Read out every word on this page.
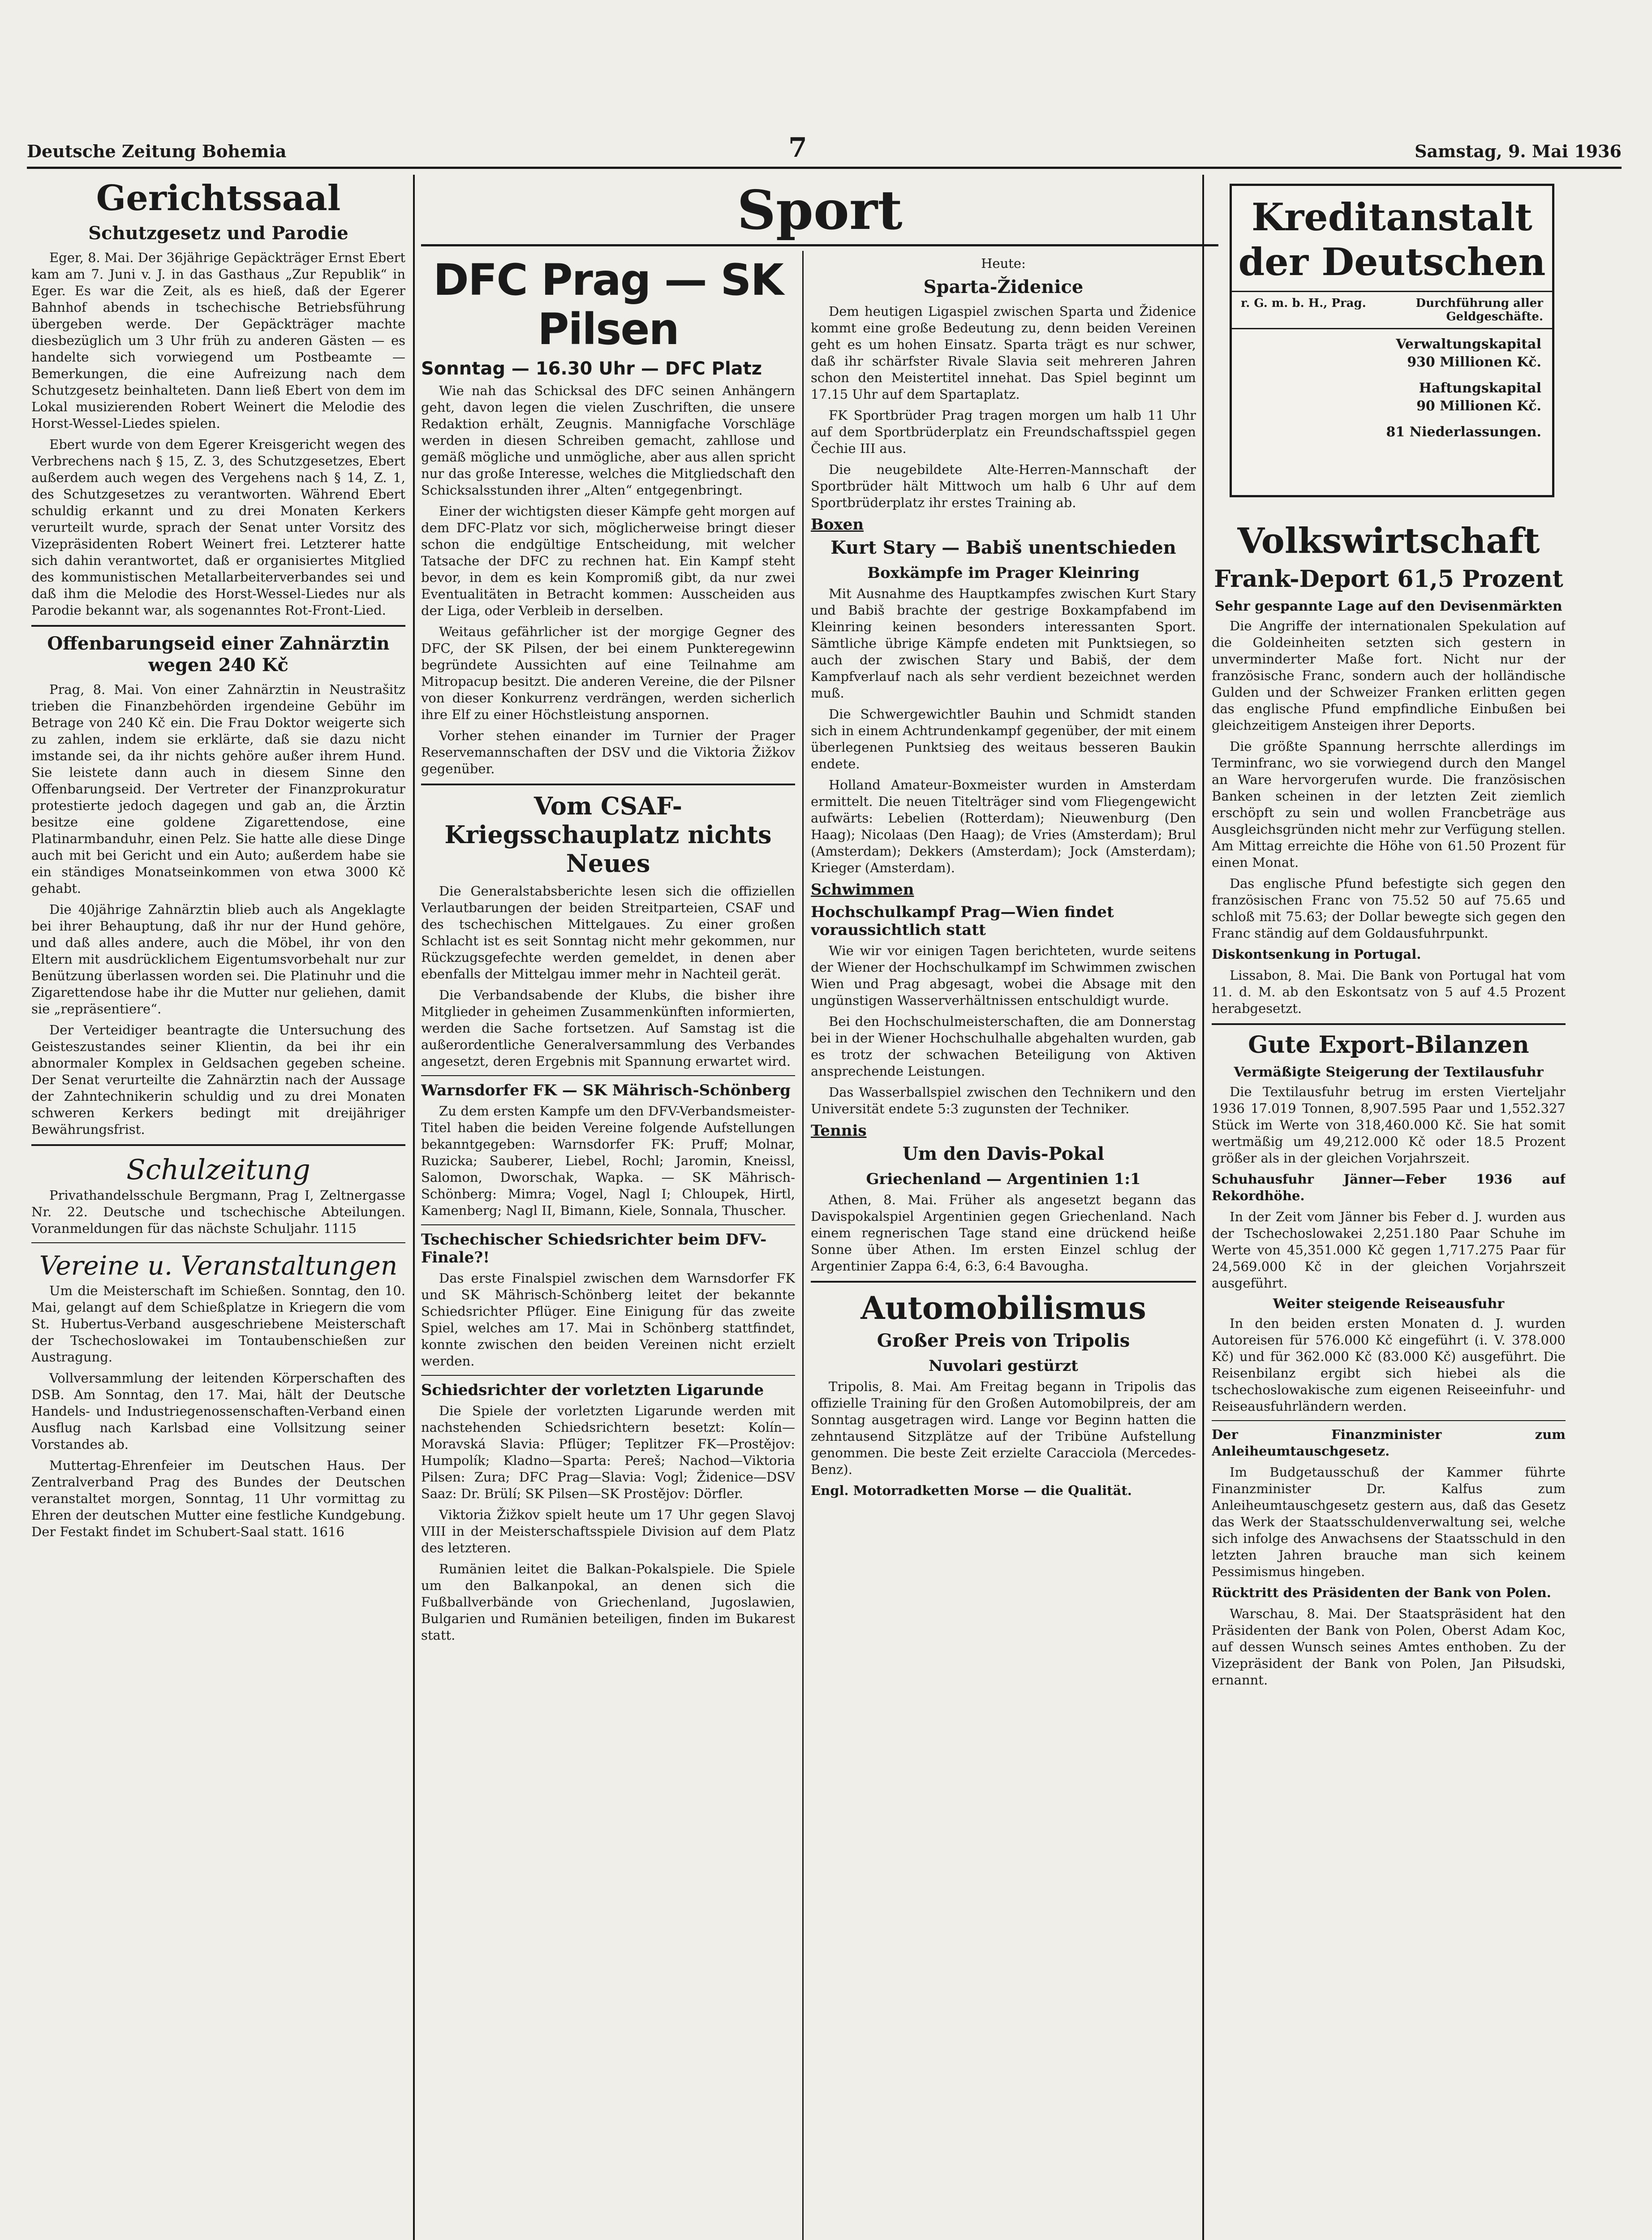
Deutsche Zeitung Bohemia	7	Samstag, 9. Mai 1936
Gerichtssaal
Schutzgesetz und Parodie

Eger, 8. Mai. Der 36jährige Gepäckträger Ernst Ebert kam am 7. Juni v. J. in das Gasthaus „Zur Republik“ in Eger. Es war die Zeit, als es hieß, daß der Egerer Bahnhof abends in tschechische Betriebsführung übergeben werde. Der Gepäckträger machte diesbezüglich um 3 Uhr früh zu anderen Gästen — es handelte sich vorwiegend um Postbeamte — Bemerkungen, die eine Aufreizung nach dem Schutzgesetz beinhalteten. Dann ließ Ebert von dem im Lokal musizierenden Robert Weinert die Melodie des Horst-Wessel-Liedes spielen.

Ebert wurde von dem Egerer Kreisgericht wegen des Verbrechens nach § 15, Z. 3, des Schutzgesetzes, Ebert außerdem auch wegen des Vergehens nach § 14, Z. 1, des Schutzgesetzes zu verantworten. Während Ebert schuldig erkannt und zu drei Monaten Kerkers verurteilt wurde, sprach der Senat unter Vorsitz des Vizepräsidenten Robert Weinert frei. Letzterer hatte sich dahin verantwortet, daß er organisiertes Mitglied des kommunistischen Metallarbeiterverbandes sei und daß ihm die Melodie des Horst-Wessel-Liedes nur als Parodie bekannt war, als sogenanntes Rot-Front-Lied.

Offenbarungseid einer Zahnärztin wegen 240 Kč

Prag, 8. Mai. Von einer Zahnärztin in Neustrašitz trieben die Finanzbehörden irgendeine Gebühr im Betrage von 240 Kč ein. Die Frau Doktor weigerte sich zu zahlen, indem sie erklärte, daß sie dazu nicht imstande sei, da ihr nichts gehöre außer ihrem Hund. Sie leistete dann auch in diesem Sinne den Offenbarungseid. Der Vertreter der Finanzprokuratur protestierte jedoch dagegen und gab an, die Ärztin besitze eine goldene Zigarettendose, eine Platinarmbanduhr, einen Pelz. Sie hatte alle diese Dinge auch mit bei Gericht und ein Auto; außerdem habe sie ein ständiges Monatseinkommen von etwa 3000 Kč gehabt.

Die 40jährige Zahnärztin blieb auch als Angeklagte bei ihrer Behauptung, daß ihr nur der Hund gehöre, und daß alles andere, auch die Möbel, ihr von den Eltern mit ausdrücklichem Eigentumsvorbehalt nur zur Benützung überlassen worden sei. Die Platinuhr und die Zigarettendose habe ihr die Mutter nur geliehen, damit sie „repräsentiere“.

Der Verteidiger beantragte die Untersuchung des Geisteszustandes seiner Klientin, da bei ihr ein abnormaler Komplex in Geldsachen gegeben scheine. Der Senat verurteilte die Zahnärztin nach der Aussage der Zahntechnikerin schuldig und zu drei Monaten schweren Kerkers bedingt mit dreijähriger Bewährungsfrist.

Schulzeitung

Privathandelsschule Bergmann, Prag I, Zeltnergasse Nr. 22. Deutsche und tschechische Abteilungen. Voranmeldungen für das nächste Schuljahr. 1115

Vereine u. Veranstaltungen

Um die Meisterschaft im Schießen. Sonntag, den 10. Mai, gelangt auf dem Schießplatze in Kriegern die vom St. Hubertus-Verband ausgeschriebene Meisterschaft der Tschechoslowakei im Tontaubenschießen zur Austragung.

Vollversammlung der leitenden Körperschaften des DSB. Am Sonntag, den 17. Mai, hält der Deutsche Handels- und Industriegenossenschaften-Verband einen Ausflug nach Karlsbad eine Vollsitzung seiner Vorstandes ab.

Muttertag-Ehrenfeier im Deutschen Haus. Der Zentralverband Prag des Bundes der Deutschen veranstaltet morgen, Sonntag, 11 Uhr vormittag zu Ehren der deutschen Mutter eine festliche Kundgebung. Der Festakt findet im Schubert-Saal statt. 1616

Sport
DFC Prag — SK Pilsen
Sonntag — 16.30 Uhr — DFC Platz

Wie nah das Schicksal des DFC seinen Anhängern geht, davon legen die vielen Zuschriften, die unsere Redaktion erhält, Zeugnis. Mannigfache Vorschläge werden in diesen Schreiben gemacht, zahllose und gemäß mögliche und unmögliche, aber aus allen spricht nur das große Interesse, welches die Mitgliedschaft den Schicksalsstunden ihrer „Alten“ entgegenbringt.

Einer der wichtigsten dieser Kämpfe geht morgen auf dem DFC-Platz vor sich, möglicherweise bringt dieser schon die endgültige Entscheidung, mit welcher Tatsache der DFC zu rechnen hat. Ein Kampf steht bevor, in dem es kein Kompromiß gibt, da nur zwei Eventualitäten in Betracht kommen: Ausscheiden aus der Liga, oder Verbleib in derselben.

Weitaus gefährlicher ist der morgige Gegner des DFC, der SK Pilsen, der bei einem Punkteregewinn begründete Aussichten auf eine Teilnahme am Mitropacup besitzt. Die anderen Vereine, die der Pilsner von dieser Konkurrenz verdrängen, werden sicherlich ihre Elf zu einer Höchstleistung anspornen.

Vorher stehen einander im Turnier der Prager Reservemannschaften der DSV und die Viktoria Žižkov gegenüber.

Vom CSAF-Kriegsschauplatz nichts Neues

Die Generalstabsberichte lesen sich die offiziellen Verlautbarungen der beiden Streitparteien, CSAF und des tschechischen Mittelgaues. Zu einer großen Schlacht ist es seit Sonntag nicht mehr gekommen, nur Rückzugsgefechte werden gemeldet, in denen aber ebenfalls der Mittelgau immer mehr in Nachteil gerät.

Die Verbandsabende der Klubs, die bisher ihre Mitglieder in geheimen Zusammenkünften informierten, werden die Sache fortsetzen. Auf Samstag ist die außerordentliche Generalversammlung des Verbandes angesetzt, deren Ergebnis mit Spannung erwartet wird.

Warnsdorfer FK — SK Mährisch-Schönberg

Zu dem ersten Kampfe um den DFV-Verbandsmeister-Titel haben die beiden Vereine folgende Aufstellungen bekanntgegeben: Warnsdorfer FK: Pruff; Molnar, Ruzicka; Sauberer, Liebel, Rochl; Jaromin, Kneissl, Salomon, Dworschak, Wapka. — SK Mährisch-Schönberg: Mimra; Vogel, Nagl I; Chloupek, Hirtl, Kamenberg; Nagl II, Bimann, Kiele, Sonnala, Thuscher.

Tschechischer Schiedsrichter beim DFV-Finale?!

Das erste Finalspiel zwischen dem Warnsdorfer FK und SK Mährisch-Schönberg leitet der bekannte Schiedsrichter Pflüger. Eine Einigung für das zweite Spiel, welches am 17. Mai in Schönberg stattfindet, konnte zwischen den beiden Vereinen nicht erzielt werden.

Schiedsrichter der vorletzten Ligarunde

Die Spiele der vorletzten Ligarunde werden mit nachstehenden Schiedsrichtern besetzt: Kolín—Moravská Slavia: Pflüger; Teplitzer FK—Prostějov: Humpolík; Kladno—Sparta: Pereš; Nachod—Viktoria Pilsen: Zura; DFC Prag—Slavia: Vogl; Židenice—DSV Saaz: Dr. Brülí; SK Pilsen—SK Prostějov: Dörfler.

Viktoria Žižkov spielt heute um 17 Uhr gegen Slavoj VIII in der Meisterschaftsspiele Division auf dem Platz des letzteren.

Rumänien leitet die Balkan-Pokalspiele. Die Spiele um den Balkanpokal, an denen sich die Fußballverbände von Griechenland, Jugoslawien, Bulgarien und Rumänien beteiligen, finden im Bukarest statt.

Heute:

Sparta-Židenice

Dem heutigen Ligaspiel zwischen Sparta und Židenice kommt eine große Bedeutung zu, denn beiden Vereinen geht es um hohen Einsatz. Sparta trägt es nur schwer, daß ihr schärfster Rivale Slavia seit mehreren Jahren schon den Meistertitel innehat. Das Spiel beginnt um 17.15 Uhr auf dem Spartaplatz.

FK Sportbrüder Prag tragen morgen um halb 11 Uhr auf dem Sportbrüderplatz ein Freundschaftsspiel gegen Čechie III aus.

Die neugebildete Alte-Herren-Mannschaft der Sportbrüder hält Mittwoch um halb 6 Uhr auf dem Sportbrüderplatz ihr erstes Training ab.

Boxen
Kurt Stary — Babiš unentschieden
Boxkämpfe im Prager Kleinring

Mit Ausnahme des Hauptkampfes zwischen Kurt Stary und Babiš brachte der gestrige Boxkampfabend im Kleinring keinen besonders interessanten Sport. Sämtliche übrige Kämpfe endeten mit Punktsiegen, so auch der zwischen Stary und Babiš, der dem Kampfverlauf nach als sehr verdient bezeichnet werden muß.

Die Schwergewichtler Bauhin und Schmidt standen sich in einem Achtrundenkampf gegenüber, der mit einem überlegenen Punktsieg des weitaus besseren Baukin endete.

Holland Amateur-Boxmeister wurden in Amsterdam ermittelt. Die neuen Titelträger sind vom Fliegengewicht aufwärts: Lebelien (Rotterdam); Nieuwenburg (Den Haag); Nicolaas (Den Haag); de Vries (Amsterdam); Brul (Amsterdam); Dekkers (Amsterdam); Jock (Amsterdam); Krieger (Amsterdam).

Schwimmen
Hochschulkampf Prag—Wien findet voraussichtlich statt

Wie wir vor einigen Tagen berichteten, wurde seitens der Wiener der Hochschulkampf im Schwimmen zwischen Wien und Prag abgesagt, wobei die Absage mit den ungünstigen Wasserverhältnissen entschuldigt wurde.

Bei den Hochschulmeisterschaften, die am Donnerstag bei in der Wiener Hochschulhalle abgehalten wurden, gab es trotz der schwachen Beteiligung von Aktiven ansprechende Leistungen.

Das Wasserballspiel zwischen den Technikern und den Universität endete 5:3 zugunsten der Techniker.

Tennis
Um den Davis-Pokal
Griechenland — Argentinien 1:1

Athen, 8. Mai. Früher als angesetzt begann das Davispokalspiel Argentinien gegen Griechenland. Nach einem regnerischen Tage stand eine drückend heiße Sonne über Athen. Im ersten Einzel schlug der Argentinier Zappa 6:4, 6:3, 6:4 Bavougha.

Automobilismus
Großer Preis von Tripolis
Nuvolari gestürzt

Tripolis, 8. Mai. Am Freitag begann in Tripolis das offizielle Training für den Großen Automobilpreis, der am Sonntag ausgetragen wird. Lange vor Beginn hatten die zehntausend Sitzplätze auf der Tribüne Aufstellung genommen. Die beste Zeit erzielte Caracciola (Mercedes-Benz).

Engl. Motorradketten Morse — die Qualität.

Kreditanstalt
der Deutschen
r. G. m. b. H., Prag.	Durchführung aller Geldgeschäfte.
Verwaltungskapital
930 Millionen Kč.
Haftungskapital
90 Millionen Kč.
81 Niederlassungen.
Volkswirtschaft
Frank-Deport 61,5 Prozent
Sehr gespannte Lage auf den Devisenmärkten

Die Angriffe der internationalen Spekulation auf die Goldeinheiten setzten sich gestern in unverminderter Maße fort. Nicht nur der französische Franc, sondern auch der holländische Gulden und der Schweizer Franken erlitten gegen das englische Pfund empfindliche Einbußen bei gleichzeitigem Ansteigen ihrer Deports.

Die größte Spannung herrschte allerdings im Terminfranc, wo sie vorwiegend durch den Mangel an Ware hervorgerufen wurde. Die französischen Banken scheinen in der letzten Zeit ziemlich erschöpft zu sein und wollen Francbeträge aus Ausgleichsgründen nicht mehr zur Verfügung stellen. Am Mittag erreichte die Höhe von 61.50 Prozent für einen Monat.

Das englische Pfund befestigte sich gegen den französischen Franc von 75.52 50 auf 75.65 und schloß mit 75.63; der Dollar bewegte sich gegen den Franc ständig auf dem Goldausfuhrpunkt.

Diskontsenkung in Portugal.

Lissabon, 8. Mai. Die Bank von Portugal hat vom 11. d. M. ab den Eskontsatz von 5 auf 4.5 Prozent herabgesetzt.

Gute Export-Bilanzen
Vermäßigte Steigerung der Textilausfuhr

Die Textilausfuhr betrug im ersten Vierteljahr 1936 17.019 Tonnen, 8,907.595 Paar und 1,552.327 Stück im Werte von 318,460.000 Kč. Sie hat somit wertmäßig um 49,212.000 Kč oder 18.5 Prozent größer als in der gleichen Vorjahrszeit.

Schuhausfuhr Jänner—Feber 1936 auf Rekordhöhe.

In der Zeit vom Jänner bis Feber d. J. wurden aus der Tschechoslowakei 2,251.180 Paar Schuhe im Werte von 45,351.000 Kč gegen 1,717.275 Paar für 24,569.000 Kč in der gleichen Vorjahrszeit ausgeführt.

Weiter steigende Reiseausfuhr

In den beiden ersten Monaten d. J. wurden Autoreisen für 576.000 Kč eingeführt (i. V. 378.000 Kč) und für 362.000 Kč (83.000 Kč) ausgeführt. Die Reisenbilanz ergibt sich hiebei als die tschechoslowakische zum eigenen Reiseeinfuhr- und Reiseausfuhrländern werden.

Der Finanzminister zum Anleiheumtauschgesetz.

Im Budgetausschuß der Kammer führte Finanzminister Dr. Kalfus zum Anleiheumtauschgesetz gestern aus, daß das Gesetz das Werk der Staatsschuldenverwaltung sei, welche sich infolge des Anwachsens der Staatsschuld in den letzten Jahren brauche man sich keinem Pessimismus hingeben.

Rücktritt des Präsidenten der Bank von Polen.

Warschau, 8. Mai. Der Staatspräsident hat den Präsidenten der Bank von Polen, Oberst Adam Koc, auf dessen Wunsch seines Amtes enthoben. Zu der Vizepräsident der Bank von Polen, Jan Piłsudski, ernannt.
